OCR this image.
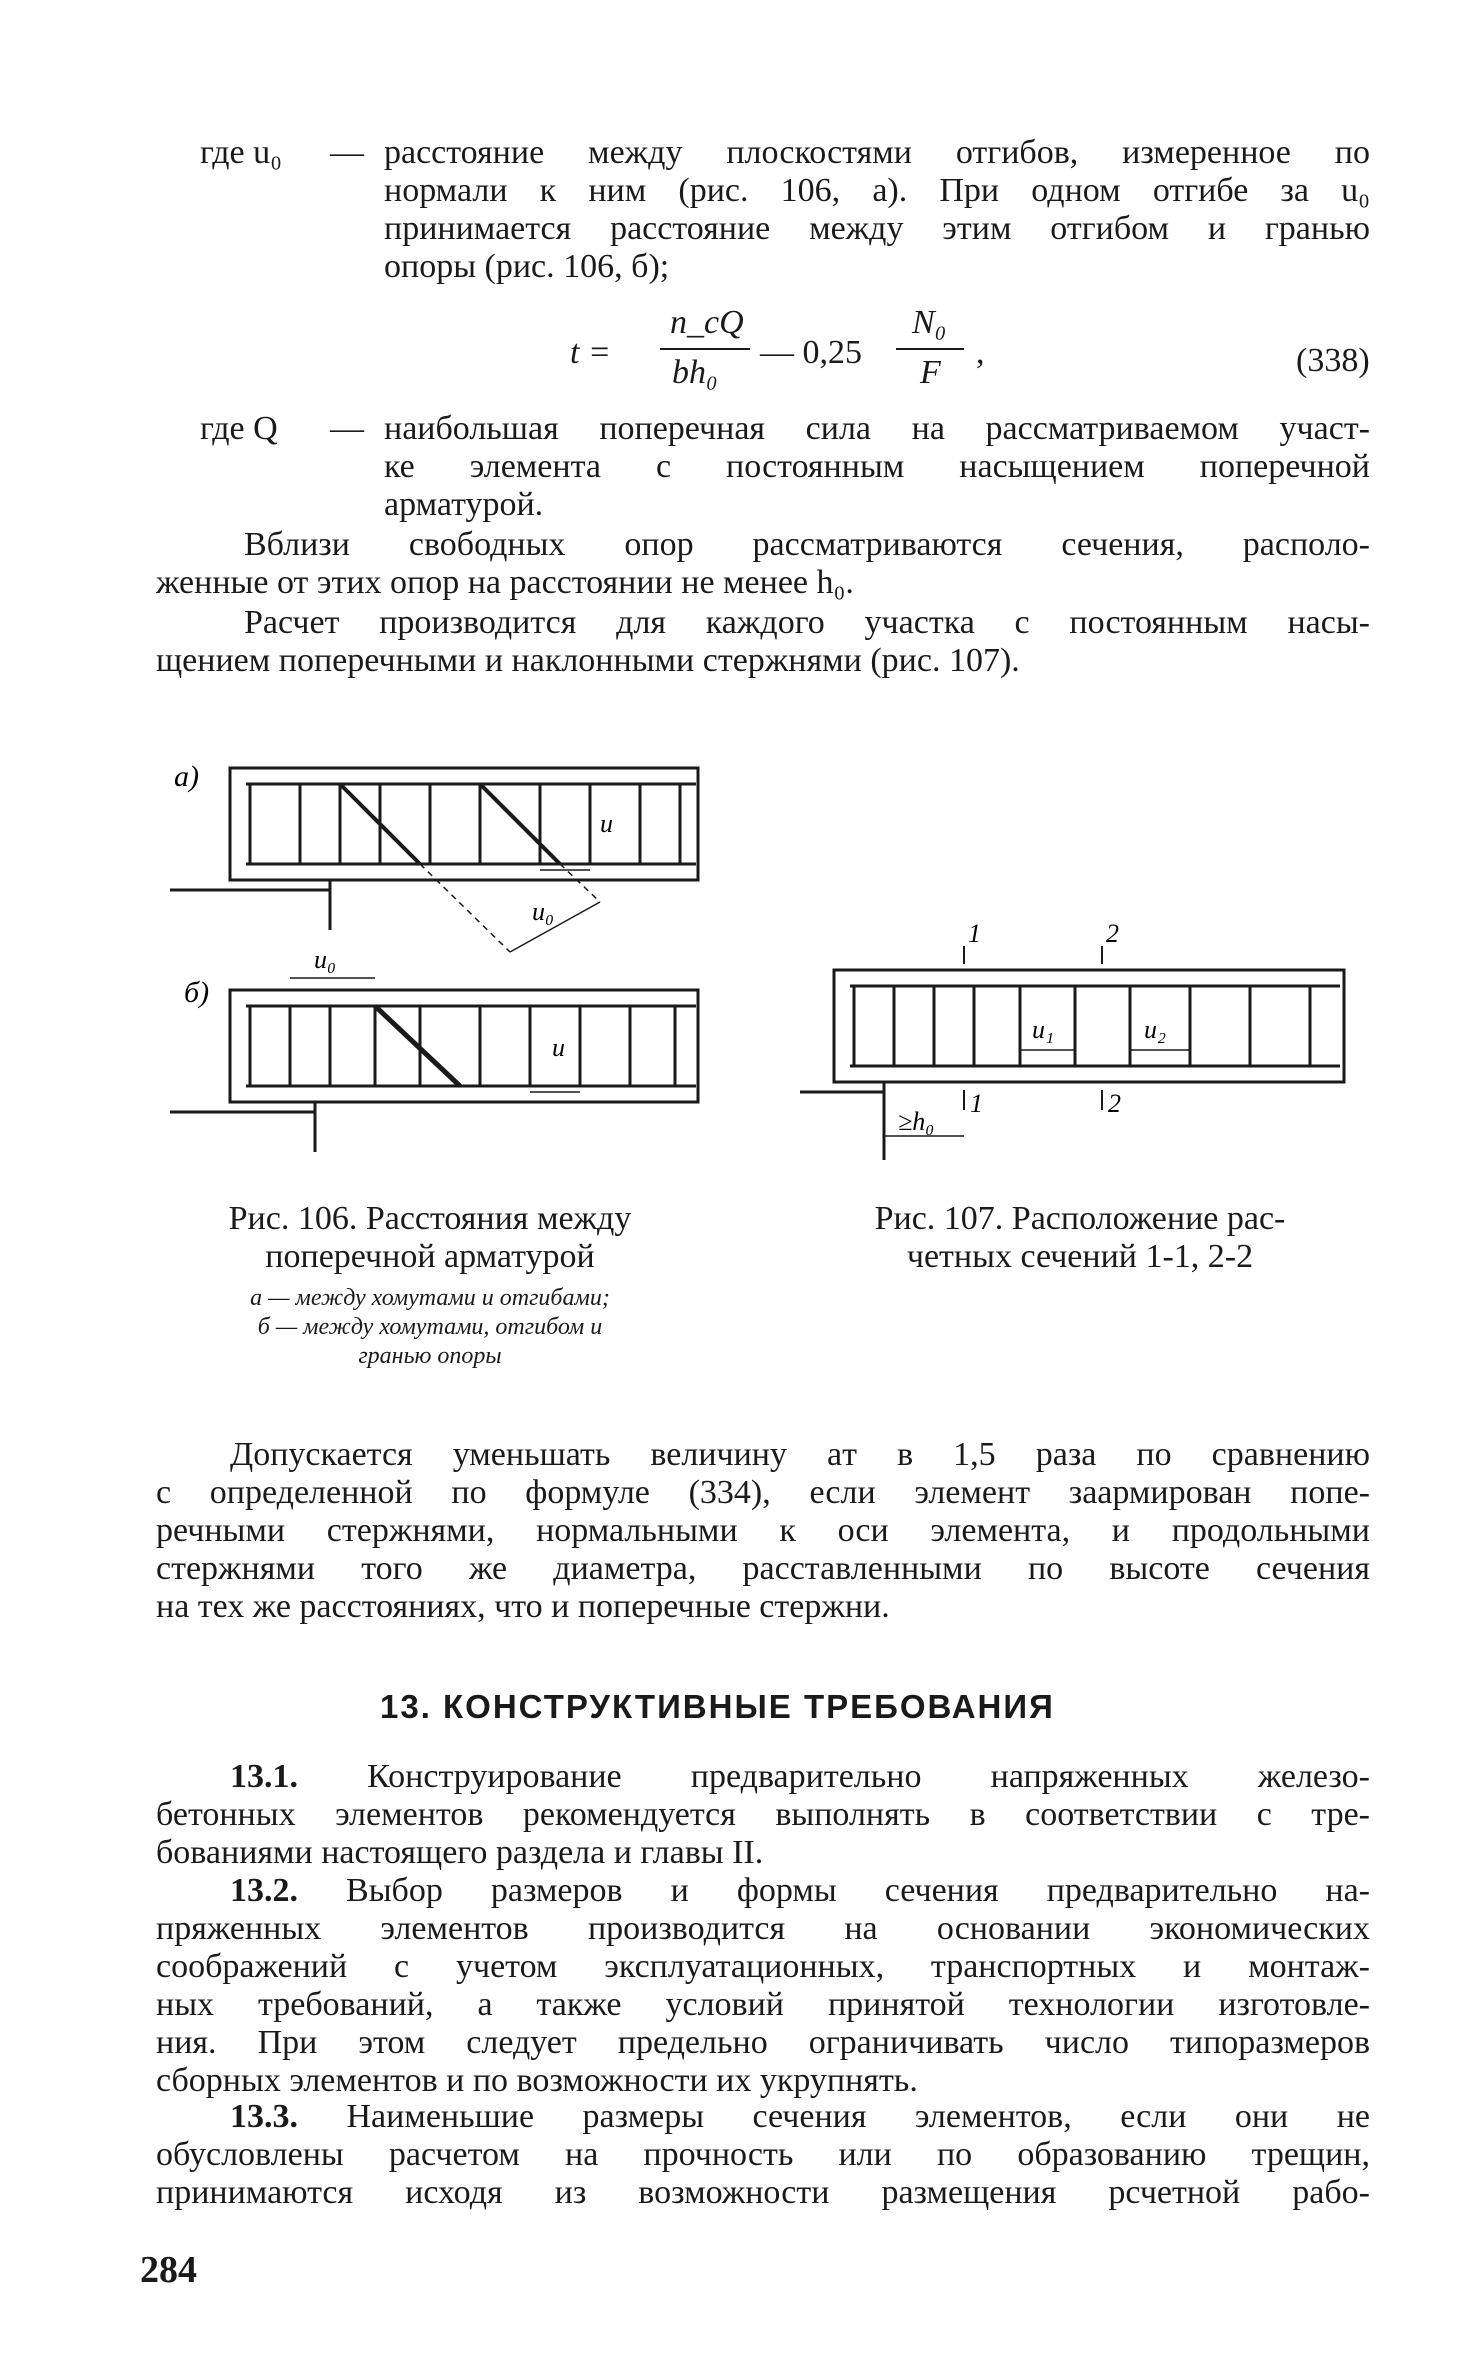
где u₀ — расстояние между плоскостями отгибов, измеренное по
нормали к ним (рис. 106, а). При одном отгибе за u₀
принимается расстояние между этим отгибом и гранью
опоры (рис. 106, б);
t =
n_cQ
bh₀
— 0,25
N₀
F
,	(338)
где Q — наибольшая поперечная сила на рассматриваемом участ-
ке элемента с постоянным насыщением поперечной
арматурой.
Вблизи свободных опор рассматриваются сечения, располо-
женные от этих опор на расстоянии не менее h₀.
Расчет производится для каждого участка с постоянным насы-
щением поперечными и наклонными стержнями (рис. 107).
а)
б)
u
u₀
u₀
u
Рис. 106. Расстояния между
поперечной арматурой
а — между хомутами и отгибами;
б — между хомутами, отгибом и
гранью опоры
1	2
1	2
u₁	u₂
≥h₀
Рис. 107. Расположение рас-
четных сечений 1-1, 2-2
Допускается уменьшать величину aт в 1,5 раза по сравнению
с определенной по формуле (334), если элемент заармирован попе-
речными стержнями, нормальными к оси элемента, и продольными
стержнями того же диаметра, расставленными по высоте сечения
на тех же расстояниях, что и поперечные стержни.
13. КОНСТРУКТИВНЫЕ ТРЕБОВАНИЯ
13.1. Конструирование предварительно напряженных железо-
бетонных элементов рекомендуется выполнять в соответствии с тре-
бованиями настоящего раздела и главы II.
13.2. Выбор размеров и формы сечения предварительно на-
пряженных элементов производится на основании экономических
соображений с учетом эксплуатационных, транспортных и монтаж-
ных требований, а также условий принятой технологии изготовле-
ния. При этом следует предельно ограничивать число типоразмеров
сборных элементов и по возможности их укрупнять.
13.3. Наименьшие размеры сечения элементов, если они не
обусловлены расчетом на прочность или по образованию трещин,
принимаются исходя из возможности размещения рсчетной рабо-
284
